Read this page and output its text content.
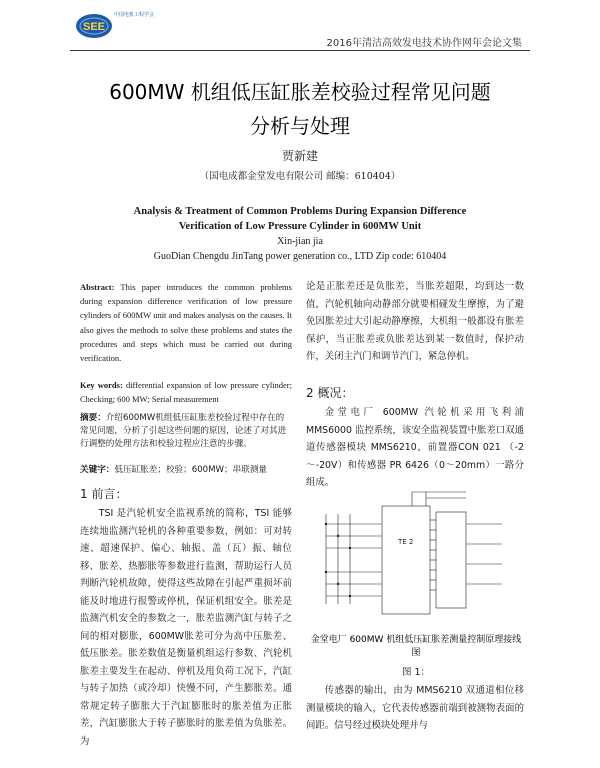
SEE
中国电机工程学会
2016年清洁高效发电技术协作网年会论文集
600MW 机组低压缸胀差校验过程常见问题
分析与处理
贾新建
（国电成都金堂发电有限公司 邮编：610404）
Analysis & Treatment of Common Problems During Expansion Difference
Verification of Low Pressure Cylinder in 600MW Unit
Xin-jian jia
GuoDian Chengdu JinTang power generation co., LTD Zip code: 610404
Abstract: This paper introduces the common problems during expansion difference verification of low pressure cylinders of 600MW unit and makes analysis on the causes. It also gives the methods to solve these problems and states the procedures and steps which must be carried out during verification.
Key words: differential expansion of low pressure cylinder; Checking; 600 MW; Serial measurement
摘要：介绍600MW机组低压缸胀差校验过程中存在的常见问题，分析了引起这些问题的原因，论述了对其进行调整的处理方法和校验过程应注意的步骤。
关键字：低压缸胀差；校验；600MW；串联测量
1 前言：
TSI 是汽轮机安全监视系统的简称，TSI 能够连续地监测汽轮机的各种重要参数，例如：可对转速、超速保护、偏心、轴振、盖（瓦）振、轴位移、胀差、热膨胀等参数进行监测，帮助运行人员判断汽轮机故障，使得这些故障在引起严重损坏前能及时地进行报警或停机，保证机组安全。胀差是监测汽机安全的参数之一，胀差监测汽缸与转子之间的相对膨胀，600MW胀差可分为高中压胀差、低压胀差。胀差数值是衡量机组运行参数、汽轮机胀差主要发生在起动、停机及甩负荷工况下，汽缸与转子加热（或冷却）快慢不同，产生膨胀差。通常规定转子膨胀大于汽缸膨胀时的胀差值为正胀差，汽缸膨胀大于转子膨胀时的胀差值为负胀差。为
论是正胀差还是负胀差，当胀差超限，均到达一数值，汽轮机轴向动静部分就要相碰发生摩擦，为了避免因胀差过大引起动静摩擦，大机组一般都设有胀差保护，当正胀差或负胀差达到某一数值时，保护动作，关闭主汽门和调节汽门，紧急停机。
2 概况：
金堂电厂 600MW 汽轮机采用飞利浦MMS6000 监控系统，该安全监视装置中胀差口双通道传感器模块 MMS6210，前置器CON 021 （-2～-20V）和传感器 PR 6426（0～20mm）一路分组成。
TE 2
金堂电厂 600MW 机组低压缸胀差测量控制原理接线图
图 1：
传感器的输出，由为 MMS6210 双通道相位移测量模块的输入，它代表传感器前端到被测物表面的间距。信号经过模块处理并与
